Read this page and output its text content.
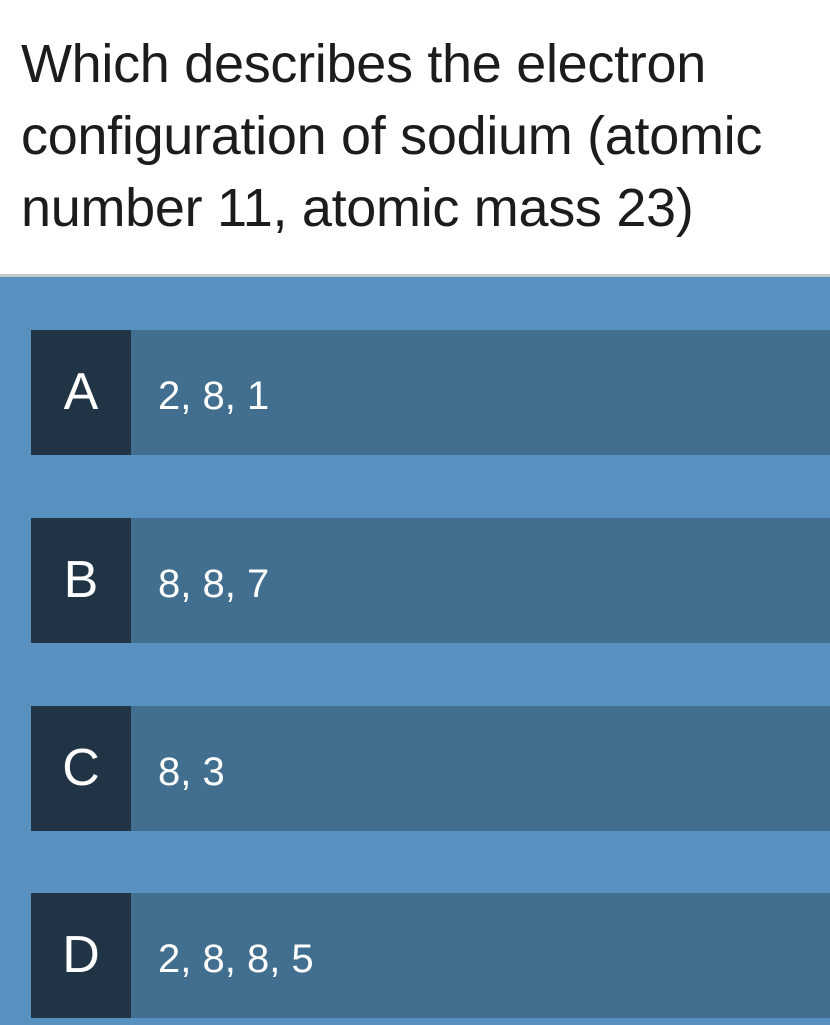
Which describes the electron configuration of sodium (atomic number 11, atomic mass 23)
A	2, 8, 1
B	8, 8, 7
C	8, 3
D	2, 8, 8, 5
